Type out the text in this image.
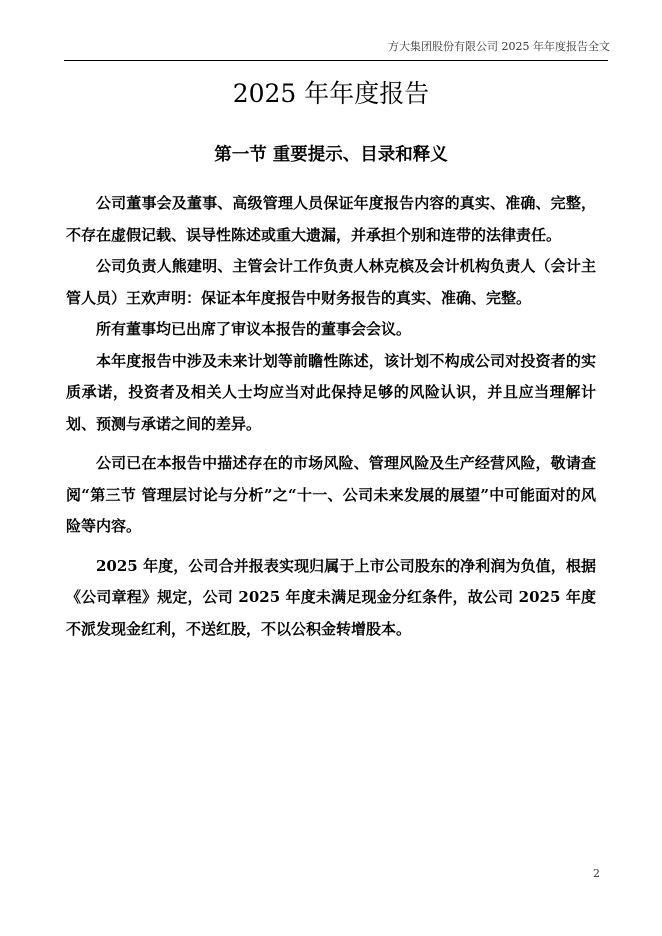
方大集团股份有限公司 2025 年年度报告全文
2025 年年度报告
第一节 重要提示、目录和释义

公司董事会及董事、高级管理人员保证年度报告内容的真实、准确、完整，不存在虚假记载、误导性陈述或重大遗漏，并承担个别和连带的法律责任。

公司负责人熊建明、主管会计工作负责人林克槟及会计机构负责人（会计主管人员）王欢声明：保证本年度报告中财务报告的真实、准确、完整。

所有董事均已出席了审议本报告的董事会会议。

本年度报告中涉及未来计划等前瞻性陈述，该计划不构成公司对投资者的实质承诺，投资者及相关人士均应当对此保持足够的风险认识，并且应当理解计划、预测与承诺之间的差异。

公司已在本报告中描述存在的市场风险、管理风险及生产经营风险，敬请查阅“第三节 管理层讨论与分析”之“十一、公司未来发展的展望”中可能面对的风险等内容。

2025 年度，公司合并报表实现归属于上市公司股东的净利润为负值，根据《公司章程》规定，公司 2025 年度未满足现金分红条件，故公司 2025 年度不派发现金红利，不送红股，不以公积金转增股本。

2
